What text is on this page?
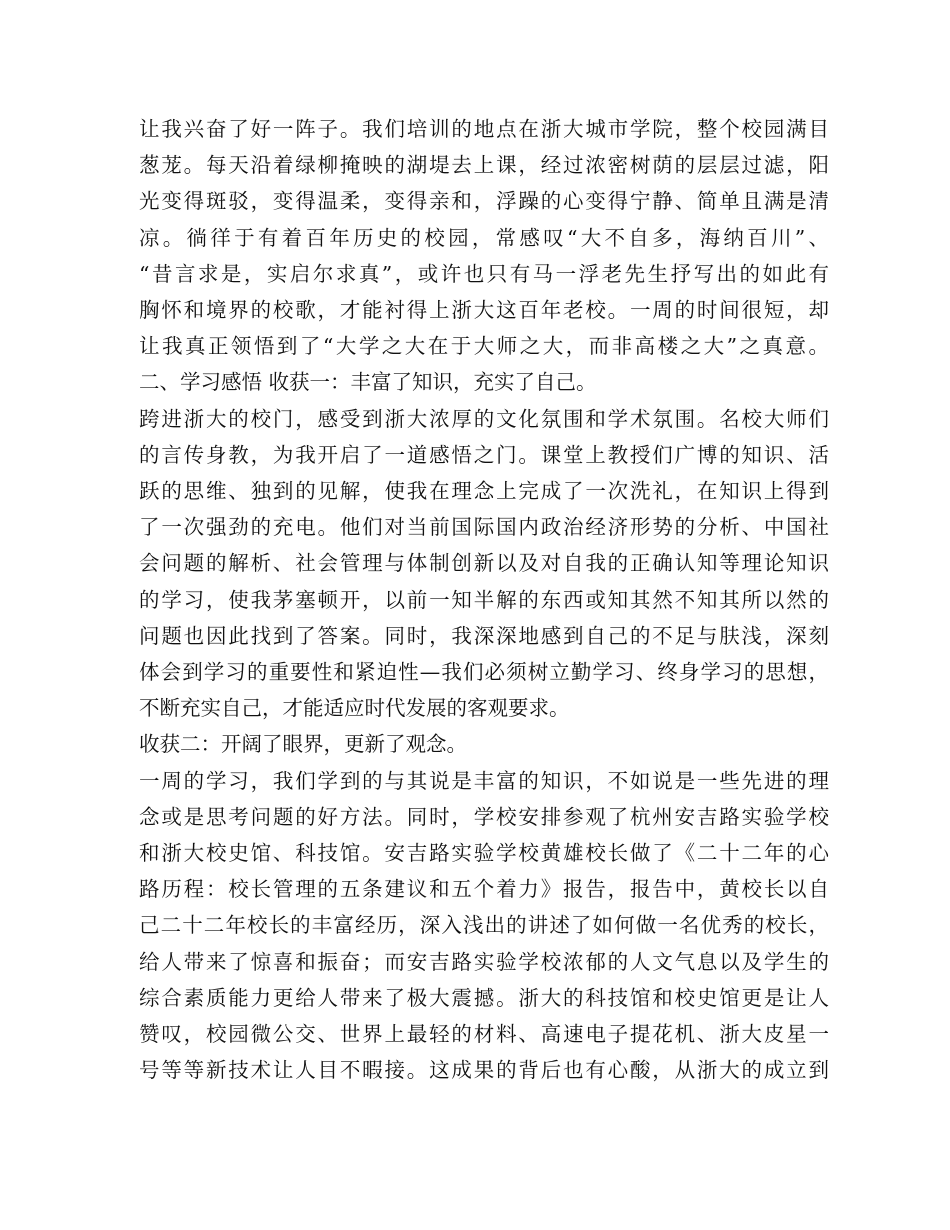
让我兴奋了好一阵子。我们培训的地点在浙大城市学院，整个校园满目
葱茏。每天沿着绿柳掩映的湖堤去上课，经过浓密树荫的层层过滤，阳
光变得斑驳，变得温柔，变得亲和，浮躁的心变得宁静、简单且满是清
凉。徜徉于有着百年历史的校园，常感叹“大不自多，海纳百川”、
“昔言求是，实启尔求真”，或许也只有马一浮老先生抒写出的如此有
胸怀和境界的校歌，才能衬得上浙大这百年老校。一周的时间很短，却
让我真正领悟到了“大学之大在于大师之大，而非高楼之大”之真意。
二、学习感悟 收获一：丰富了知识，充实了自己。
跨进浙大的校门，感受到浙大浓厚的文化氛围和学术氛围。名校大师们
的言传身教，为我开启了一道感悟之门。课堂上教授们广博的知识、活
跃的思维、独到的见解，使我在理念上完成了一次洗礼，在知识上得到
了一次强劲的充电。他们对当前国际国内政治经济形势的分析、中国社
会问题的解析、社会管理与体制创新以及对自我的正确认知等理论知识
的学习，使我茅塞顿开，以前一知半解的东西或知其然不知其所以然的
问题也因此找到了答案。同时，我深深地感到自己的不足与肤浅，深刻
体会到学习的重要性和紧迫性—我们必须树立勤学习、终身学习的思想，
不断充实自己，才能适应时代发展的客观要求。
收获二：开阔了眼界，更新了观念。
一周的学习，我们学到的与其说是丰富的知识，不如说是一些先进的理
念或是思考问题的好方法。同时，学校安排参观了杭州安吉路实验学校
和浙大校史馆、科技馆。安吉路实验学校黄雄校长做了《二十二年的心
路历程：校长管理的五条建议和五个着力》报告，报告中，黄校长以自
己二十二年校长的丰富经历，深入浅出的讲述了如何做一名优秀的校长，
给人带来了惊喜和振奋；而安吉路实验学校浓郁的人文气息以及学生的
综合素质能力更给人带来了极大震撼。浙大的科技馆和校史馆更是让人
赞叹，校园微公交、世界上最轻的材料、高速电子提花机、浙大皮星一
号等等新技术让人目不暇接。这成果的背后也有心酸，从浙大的成立到
